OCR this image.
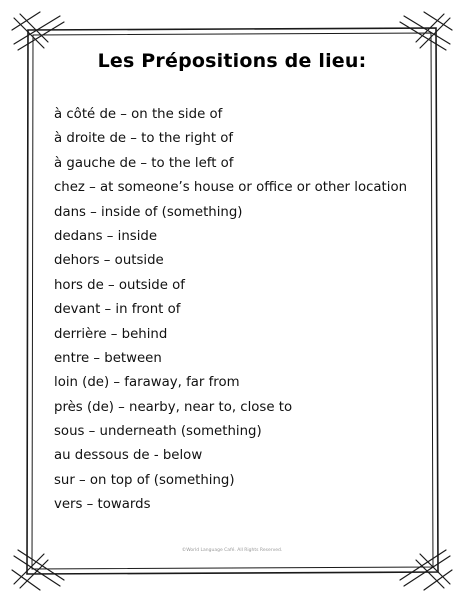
Les Prépositions de lieu:
à côté de – on the side of
à droite de – to the right of
à gauche de – to the left of
chez – at someone’s house or office or other location
dans – inside of (something)
dedans – inside
dehors – outside
hors de – outside of
devant – in front of
derrière – behind
entre – between
loin (de) – faraway, far from
près (de) – nearby, near to, close to
sous – underneath (something)
au dessous de - below
sur – on top of (something)
vers – towards
©World Language Café. All Rights Reserved.
